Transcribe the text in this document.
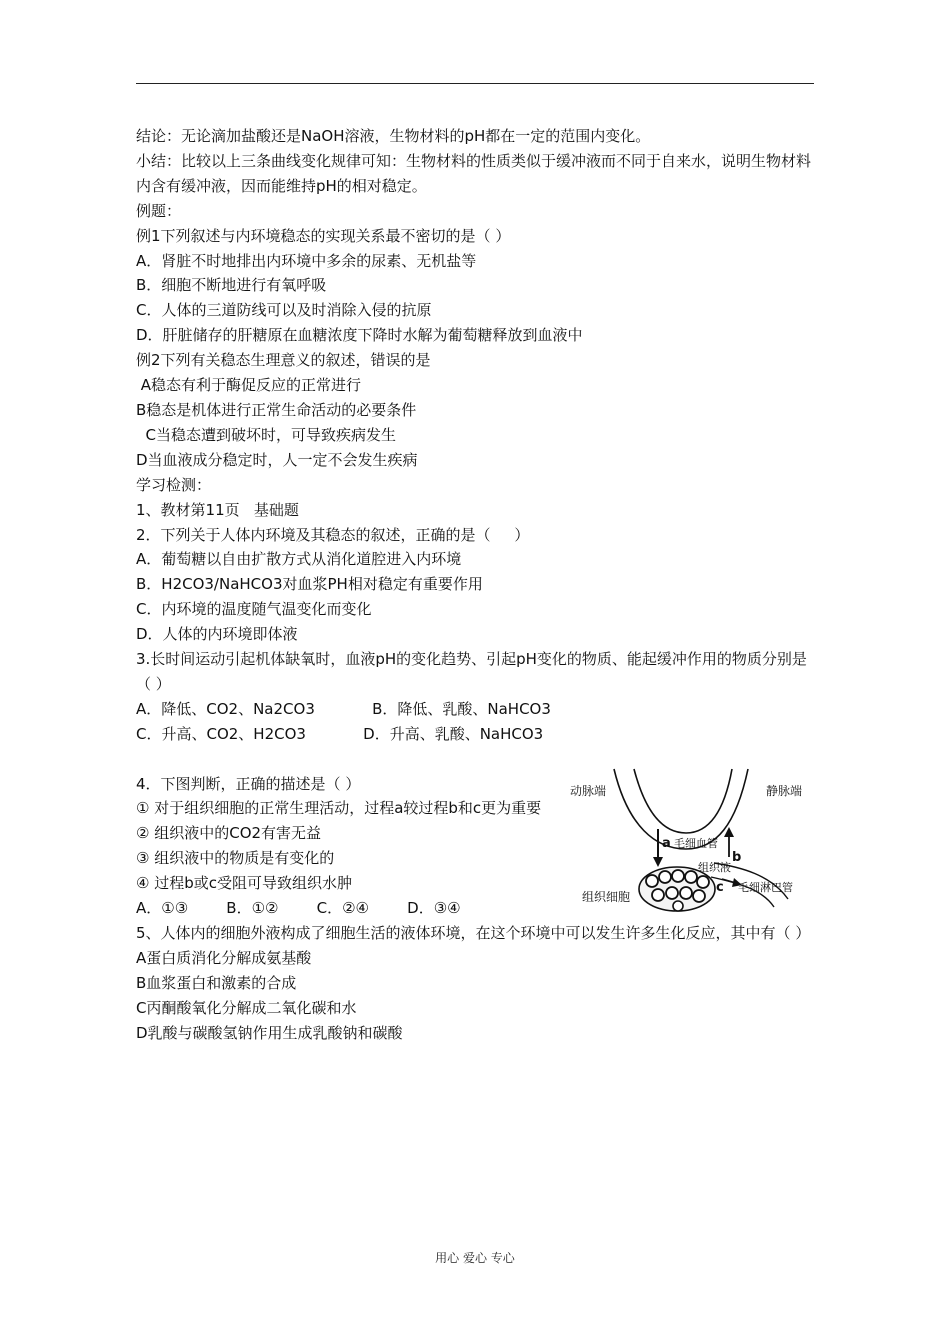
结论：无论滴加盐酸还是NaOH溶液，生物材料的pH都在一定的范围内变化。

小结：比较以上三条曲线变化规律可知：生物材料的性质类似于缓冲液而不同于自来水，说明生物材料内含有缓冲液，因而能维持pH的相对稳定。

例题：

例1下列叙述与内环境稳态的实现关系最不密切的是（ ）

A．肾脏不时地排出内环境中多余的尿素、无机盐等

B．细胞不断地进行有氧呼吸

C．人体的三道防线可以及时消除入侵的抗原

D．肝脏储存的肝糖原在血糖浓度下降时水解为葡萄糖释放到血液中

例2下列有关稳态生理意义的叙述，错误的是

A稳态有利于酶促反应的正常进行

B稳态是机体进行正常生命活动的必要条件

C当稳态遭到破坏时，可导致疾病发生

D当血液成分稳定时，人一定不会发生疾病

学习检测：

1、教材第11页   基础题

2．下列关于人体内环境及其稳态的叙述，正确的是（     ）

A．葡萄糖以自由扩散方式从消化道腔进入内环境

B．H2CO3/NaHCO3对血浆PH相对稳定有重要作用

C．内环境的温度随气温变化而变化

D．人体的内环境即体液

3.长时间运动引起机体缺氧时，血液pH的变化趋势、引起pH变化的物质、能起缓冲作用的物质分别是（ ）

A．降低、CO2、Na2CO3            B．降低、乳酸、NaHCO3

C．升高、CO2、H2CO3            D．升高、乳酸、NaHCO3

4．下图判断，正确的描述是（ ）

① 对于组织细胞的正常生理活动，过程a较过程b和c更为重要

② 组织液中的CO2有害无益

③ 组织液中的物质是有变化的

④ 过程b或c受阻可导致组织水肿

A．①③        B．①②        C．②④        D．③④

5、人体内的细胞外液构成了细胞生活的液体环境，在这个环境中可以发生许多生化反应，其中有（ ）

A蛋白质消化分解成氨基酸

B血浆蛋白和激素的合成

C丙酮酸氧化分解成二氧化碳和水

D乳酸与碳酸氢钠作用生成乳酸钠和碳酸

动脉端	静脉端
a 毛细血管
b
组织液
c 毛细淋巴管
组织细胞
用心 爱心 专心
